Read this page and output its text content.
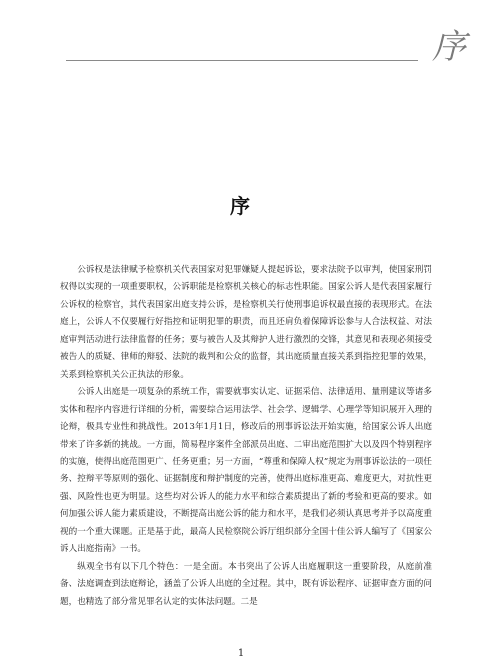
序
序

公诉权是法律赋予检察机关代表国家对犯罪嫌疑人提起诉讼，要求法院予以审判，使国家刑罚权得以实现的一项重要职权，公诉职能是检察机关核心的标志性职能。国家公诉人是代表国家履行公诉权的检察官，其代表国家出庭支持公诉，是检察机关行使刑事追诉权最直接的表现形式。在法庭上，公诉人不仅要履行好指控和证明犯罪的职责，而且还肩负着保障诉讼参与人合法权益、对法庭审判活动进行法律监督的任务；要与被告人及其辩护人进行激烈的交锋，其意见和表现必须接受被告人的质疑、律师的辩驳、法院的裁判和公众的监督，其出庭质量直接关系到指控犯罪的效果，关系到检察机关公正执法的形象。

公诉人出庭是一项复杂的系统工作，需要就事实认定、证据采信、法律适用、量刑建议等诸多实体和程序内容进行详细的分析，需要综合运用法学、社会学、逻辑学、心理学等知识展开入理的论辩，极具专业性和挑战性。2013年1月1日，修改后的刑事诉讼法开始实施，给国家公诉人出庭带来了许多新的挑战。一方面，简易程序案件全部派员出庭、二审出庭范围扩大以及四个特别程序的实施，使得出庭范围更广、任务更重；另一方面，“尊重和保障人权”规定为刑事诉讼法的一项任务、控辩平等原则的强化、证据制度和辩护制度的完善，使得出庭标准更高、难度更大，对抗性更强、风险性也更为明显。这些均对公诉人的能力水平和综合素质提出了新的考验和更高的要求。如何加强公诉人能力素质建设，不断提高出庭公诉的能力和水平，是我们必须认真思考并予以高度重视的一个重大课题。正是基于此，最高人民检察院公诉厅组织部分全国十佳公诉人编写了《国家公诉人出庭指南》一书。

纵观全书有以下几个特色：一是全面。本书突出了公诉人出庭履职这一重要阶段，从庭前准备、法庭调查到法庭辩论，涵盖了公诉人出庭的全过程。其中，既有诉讼程序、证据审查方面的问题，也精选了部分常见罪名认定的实体法问题。二是

1
